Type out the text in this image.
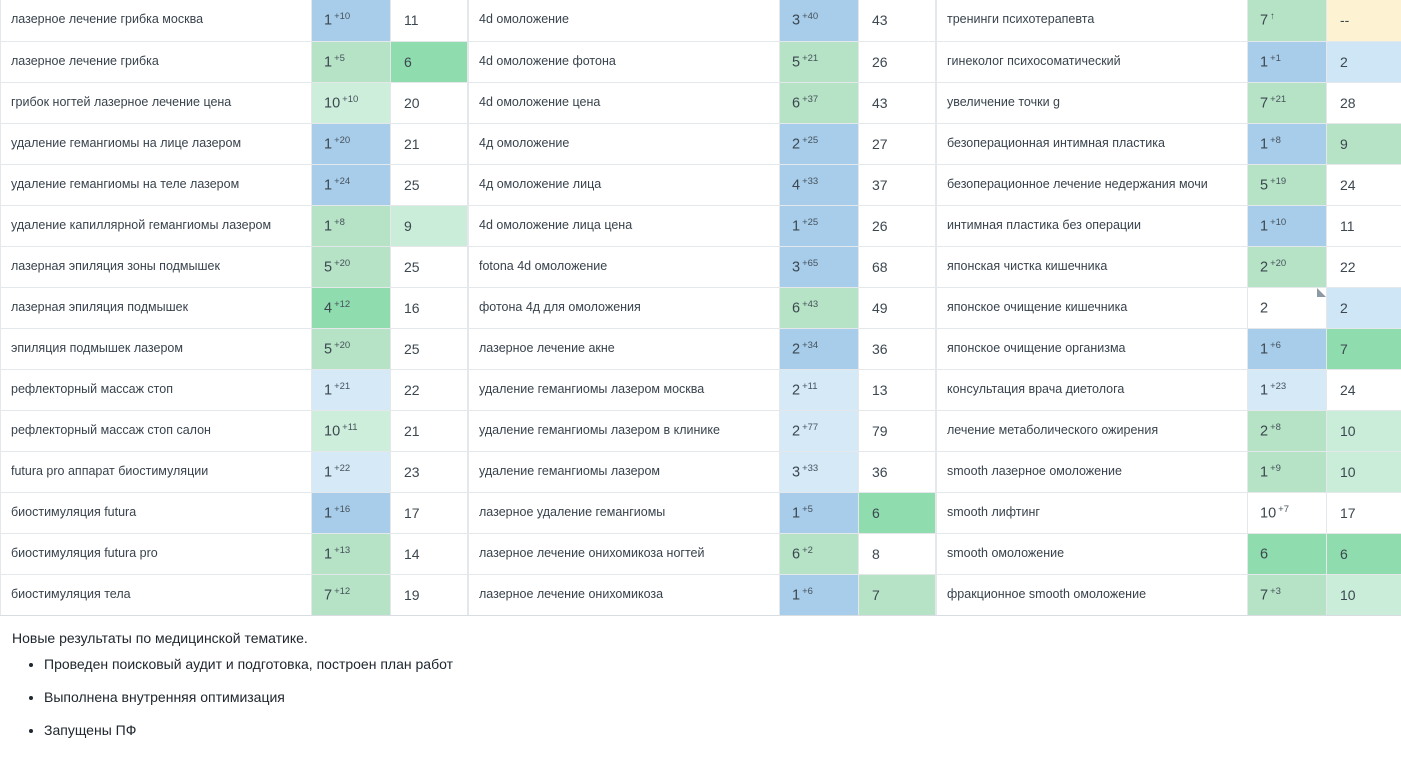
лазерное лечение грибка москва	1 $^{+10}$	11
лазерное лечение грибка	1 $^{+5}$	6
грибок ногтей лазерное лечение цена	10 $^{+10}$	20
удаление гемангиомы на лице лазером	1 $^{+20}$	21
удаление гемангиомы на теле лазером	1 $^{+24}$	25
удаление капиллярной гемангиомы лазером	1 $^{+8}$	9
лазерная эпиляция зоны подмышек	5 $^{+20}$	25
лазерная эпиляция подмышек	4 $^{+12}$	16
эпиляция подмышек лазером	5 $^{+20}$	25
рефлекторный массаж стоп	1 $^{+21}$	22
рефлекторный массаж стоп салон	10 $^{+11}$	21
futura pro аппарат биостимуляции	1 $^{+22}$	23
биостимуляция futura	1 $^{+16}$	17
биостимуляция futura pro	1 $^{+13}$	14
биостимуляция тела	7 $^{+12}$	19
4d омоложение	3 $^{+40}$	43
4d омоложение фотона	5 $^{+21}$	26
4d омоложение цена	6 $^{+37}$	43
4д омоложение	2 $^{+25}$	27
4д омоложение лица	4 $^{+33}$	37
4d омоложение лица цена	1 $^{+25}$	26
fotona 4d омоложение	3 $^{+65}$	68
фотона 4д для омоложения	6 $^{+43}$	49
лазерное лечение акне	2 $^{+34}$	36
удаление гемангиомы лазером москва	2 $^{+11}$	13
удаление гемангиомы лазером в клинике	2 $^{+77}$	79
удаление гемангиомы лазером	3 $^{+33}$	36
лазерное удаление гемангиомы	1 $^{+5}$	6
лазерное лечение онихомикоза ногтей	6 $^{+2}$	8
лазерное лечение онихомикоза	1 $^{+6}$	7
тренинги психотерапевта	7 ↑	--
гинеколог психосоматический	1 $^{+1}$	2
увеличение точки g	7 $^{+21}$	28
безоперационная интимная пластика	1 $^{+8}$	9
безоперационное лечение недержания мочи	5 $^{+19}$	24
интимная пластика без операции	1 $^{+10}$	11
японская чистка кишечника	2 $^{+20}$	22
японское очищение кишечника	2	2
японское очищение организма	1 $^{+6}$	7
консультация врача диетолога	1 $^{+23}$	24
лечение метаболического ожирения	2 $^{+8}$	10
smooth лазерное омоложение	1 $^{+9}$	10
smooth лифтинг	10 $^{+7}$	17
smooth омоложение	6	6
фракционное smooth омоложение	7 $^{+3}$	10

Новые результаты по медицинской тематике.

• Проведен поисковый аудит и подготовка, построен план работ
• Выполнена внутренняя оптимизация
• Запущены ПФ
